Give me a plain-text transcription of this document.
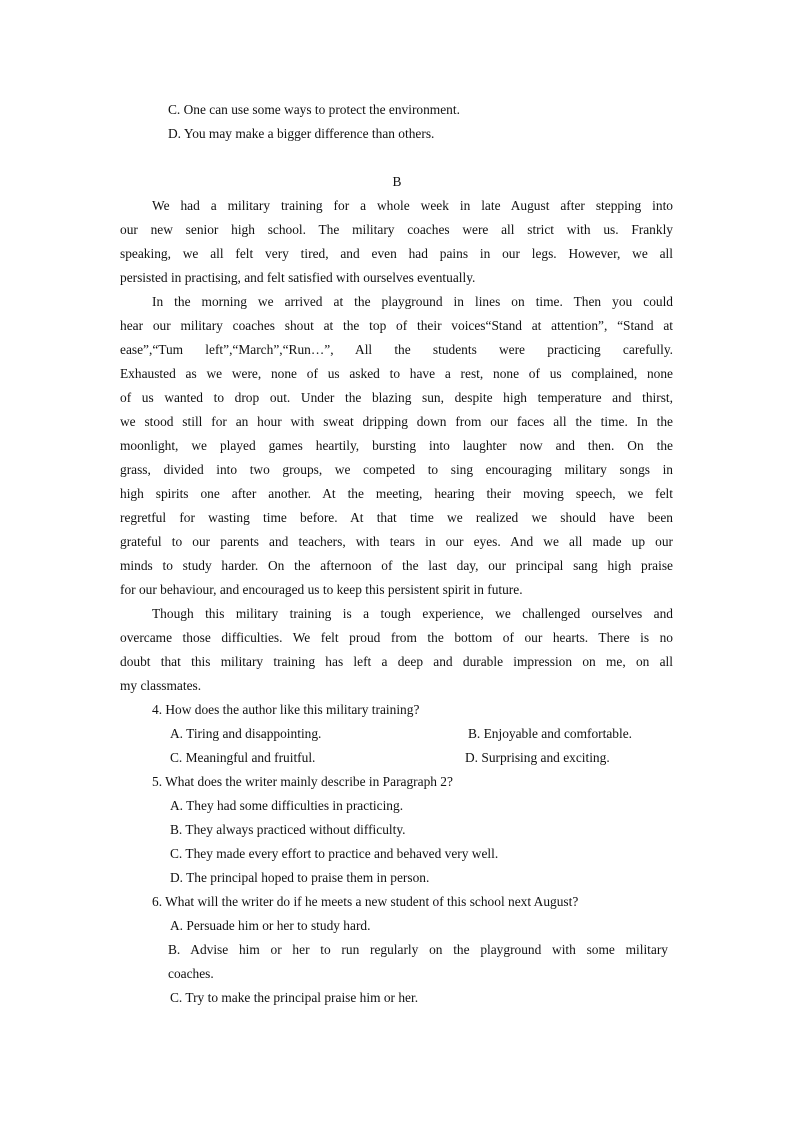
C. One can use some ways to protect the environment.
D. You may make a bigger difference than others.
B
We had a military training for a whole week in late August after stepping into
our new senior high school. The military coaches were all strict with us. Frankly
speaking, we all felt very tired, and even had pains in our legs. However, we all
persisted in practising, and felt satisfied with ourselves eventually.
In the morning we arrived at the playground in lines on time. Then you could
hear our military coaches shout at the top of their voices“Stand at attention”, “Stand at
ease”,“Tum left”,“March”,“Run…”, All the students were practicing carefully.
Exhausted as we were, none of us asked to have a rest, none of us complained, none
of us wanted to drop out. Under the blazing sun, despite high temperature and thirst,
we stood still for an hour with sweat dripping down from our faces all the time. In the
moonlight, we played games heartily, bursting into laughter now and then. On the
grass, divided into two groups, we competed to sing encouraging military songs in
high spirits one after another. At the meeting, hearing their moving speech, we felt
regretful for wasting time before. At that time we realized we should have been
grateful to our parents and teachers, with tears in our eyes. And we all made up our
minds to study harder. On the afternoon of the last day, our principal sang high praise
for our behaviour, and encouraged us to keep this persistent spirit in future.
Though this military training is a tough experience, we challenged ourselves and
overcame those difficulties. We felt proud from the bottom of our hearts. There is no
doubt that this military training has left a deep and durable impression on me, on all
my classmates.
4. How does the author like this military training?
A. Tiring and disappointing.	B. Enjoyable and comfortable.
C. Meaningful and fruitful.	D. Surprising and exciting.
5. What does the writer mainly describe in Paragraph 2?
A. They had some difficulties in practicing.
B. They always practiced without difficulty.
C. They made every effort to practice and behaved very well.
D. The principal hoped to praise them in person.
6. What will the writer do if he meets a new student of this school next August?
A. Persuade him or her to study hard.
B. Advise him or her to run regularly on the playground with some military
coaches.
C. Try to make the principal praise him or her.
